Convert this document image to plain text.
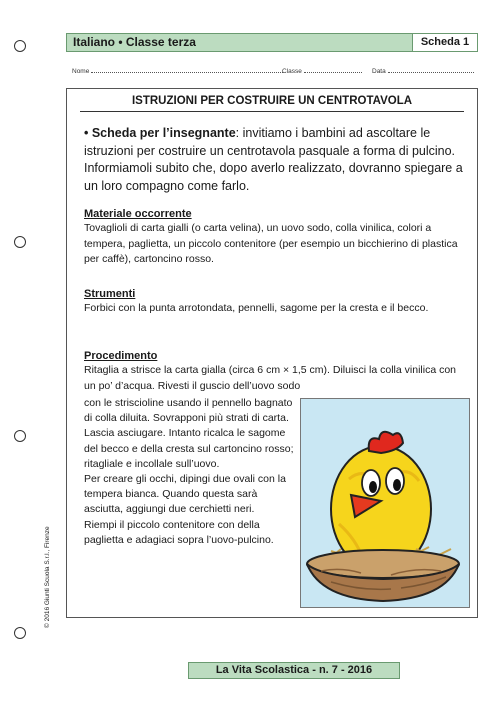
Italiano • Classe terza	Scheda 1
Nome	Classe	Data
ISTRUZIONI PER COSTRUIRE UN CENTROTAVOLA
• Scheda per l’insegnante: invitiamo i bambini ad ascoltare le istruzioni per costruire un centrotavola pasquale a forma di pulcino. Informiamoli subito che, dopo averlo realizzato, dovranno spiegare a un loro compagno come farlo.
Materiale occorrente

Tovaglioli di carta gialli (o carta velina), un uovo sodo, colla vinilica, colori a tempera, paglietta, un piccolo contenitore (per esempio un bicchierino di plastica per caffè), cartoncino rosso.

Strumenti

Forbici con la punta arrotondata, pennelli, sagome per la cresta e il becco.

Procedimento

Ritaglia a strisce la carta gialla (circa 6 cm × 1,5 cm). Diluisci la colla vinilica con un po’ d’acqua. Rivesti il guscio dell’uovo sodo

con le striscioline usando il pennello bagnato di colla diluita. Sovrapponi più strati di carta. Lascia asciugare. Intanto ricalca le sagome del becco e della cresta sul cartoncino rosso; ritagliale e incollale sull’uovo.

Per creare gli occhi, dipingi due ovali con la tempera bianca. Quando questa sarà asciutta, aggiungi due cerchietti neri.

Riempi il piccolo contenitore con della paglietta e adagiaci sopra l’uovo-pulcino.

© 2016 Giunti Scuola S.r.l., Firenze
La Vita Scolastica - n. 7 - 2016
